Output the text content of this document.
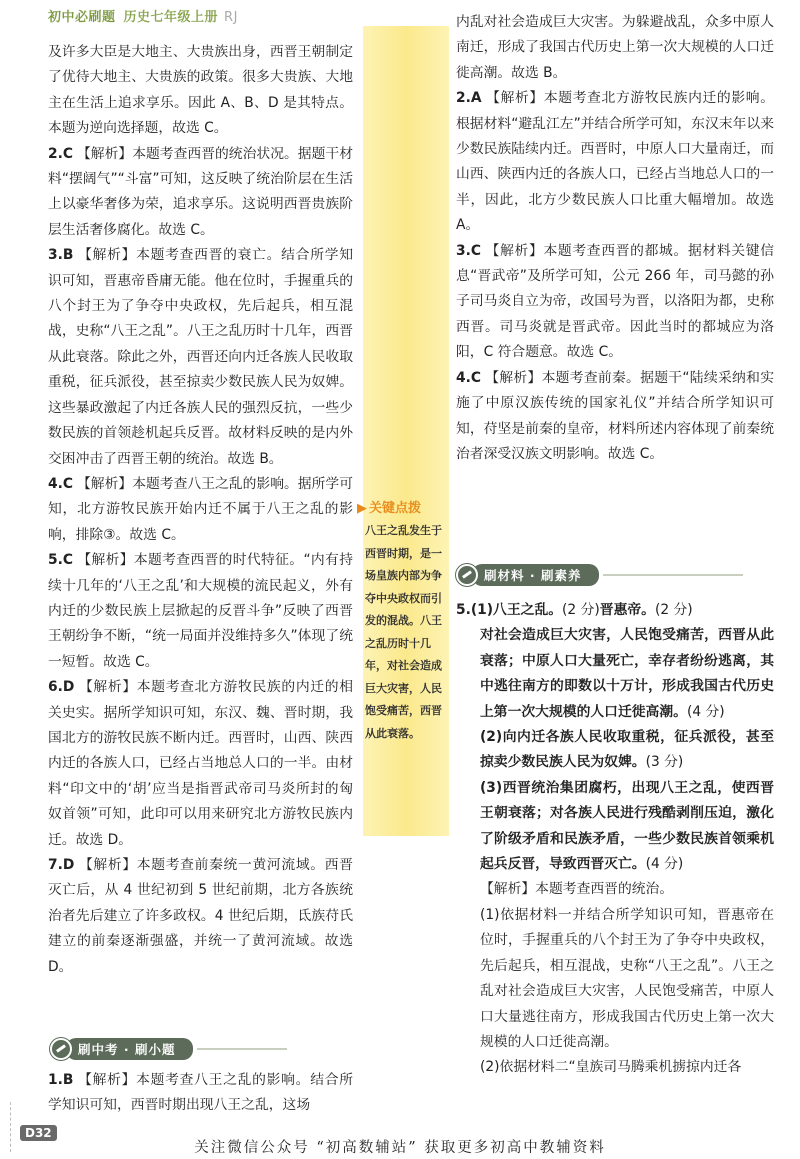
初中必刷题 历史七年级上册 RJ

及许多大臣是大地主、大贵族出身，西晋王朝制定了优待大地主、大贵族的政策。很多大贵族、大地主在生活上追求享乐。因此 A、B、D 是其特点。本题为逆向选择题，故选 C。

2.C 【解析】本题考查西晋的统治状况。据题干材料“摆阔气”“斗富”可知，这反映了统治阶层在生活上以豪华奢侈为荣，追求享乐。这说明西晋贵族阶层生活奢侈腐化。故选 C。

3.B 【解析】本题考查西晋的衰亡。结合所学知识可知，晋惠帝昏庸无能。他在位时，手握重兵的八个封王为了争夺中央政权，先后起兵，相互混战，史称“八王之乱”。八王之乱历时十几年，西晋从此衰落。除此之外，西晋还向内迁各族人民收取重税，征兵派役，甚至掠卖少数民族人民为奴婢。这些暴政激起了内迁各族人民的强烈反抗，一些少数民族的首领趁机起兵反晋。故材料反映的是内外交困冲击了西晋王朝的统治。故选 B。

4.C 【解析】本题考查八王之乱的影响。据所学可知，北方游牧民族开始内迁不属于八王之乱的影响，排除③。故选 C。

5.C 【解析】本题考查西晋的时代特征。“内有持续十几年的‘八王之乱’和大规模的流民起义，外有内迁的少数民族上层掀起的反晋斗争”反映了西晋王朝纷争不断，“统一局面并没维持多久”体现了统一短暂。故选 C。

6.D 【解析】本题考查北方游牧民族的内迁的相关史实。据所学知识可知，东汉、魏、晋时期，我国北方的游牧民族不断内迁。西晋时，山西、陕西内迁的各族人口，已经占当地总人口的一半。由材料“印文中的‘胡’应当是指晋武帝司马炎所封的匈奴首领”可知，此印可以用来研究北方游牧民族内迁。故选 D。

7.D 【解析】本题考查前秦统一黄河流域。西晋灭亡后，从 4 世纪初到 5 世纪前期，北方各族统治者先后建立了许多政权。4 世纪后期，氐族苻氏建立的前秦逐渐强盛，并统一了黄河流域。故选 D。

刷中考 · 刷小题

1.B 【解析】本题考查八王之乱的影响。结合所学知识可知，西晋时期出现八王之乱，这场

▶ 关键点拨
八王之乱发生于西晋时期，是一场皇族内部为争夺中央政权而引发的混战。八王之乱历时十几年，对社会造成巨大灾害，人民饱受痛苦，西晋从此衰落。

内乱对社会造成巨大灾害。为躲避战乱，众多中原人南迁，形成了我国古代历史上第一次大规模的人口迁徙高潮。故选 B。

2.A 【解析】本题考查北方游牧民族内迁的影响。根据材料“避乱江左”并结合所学可知，东汉末年以来少数民族陆续内迁。西晋时，中原人口大量南迁，而山西、陕西内迁的各族人口，已经占当地总人口的一半，因此，北方少数民族人口比重大幅增加。故选 A。

3.C 【解析】本题考查西晋的都城。据材料关键信息“晋武帝”及所学可知，公元 266 年，司马懿的孙子司马炎自立为帝，改国号为晋，以洛阳为都，史称西晋。司马炎就是晋武帝。因此当时的都城应为洛阳，C 符合题意。故选 C。

4.C 【解析】本题考查前秦。据题干“陆续采纳和实施了中原汉族传统的国家礼仪”并结合所学知识可知，苻坚是前秦的皇帝，材料所述内容体现了前秦统治者深受汉族文明影响。故选 C。

刷材料 · 刷素养

5.(1)八王之乱。(2 分)晋惠帝。(2 分)

对社会造成巨大灾害，人民饱受痛苦，西晋从此衰落；中原人口大量死亡，幸存者纷纷逃离，其中逃往南方的即数以十万计，形成我国古代历史上第一次大规模的人口迁徙高潮。(4 分)

(2)向内迁各族人民收取重税，征兵派役，甚至掠卖少数民族人民为奴婢。(3 分)

(3)西晋统治集团腐朽，出现八王之乱，使西晋王朝衰落；对各族人民进行残酷剥削压迫，激化了阶级矛盾和民族矛盾，一些少数民族首领乘机起兵反晋，导致西晋灭亡。(4 分)

【解析】本题考查西晋的统治。

(1)依据材料一并结合所学知识可知，晋惠帝在位时，手握重兵的八个封王为了争夺中央政权，先后起兵，相互混战，史称“八王之乱”。八王之乱对社会造成巨大灾害，人民饱受痛苦，中原人口大量逃往南方，形成我国古代历史上第一次大规模的人口迁徙高潮。

(2)依据材料二“皇族司马腾乘机掳掠内迁各

D32
关注微信公众号 “初高数辅站” 获取更多初高中教辅资料
